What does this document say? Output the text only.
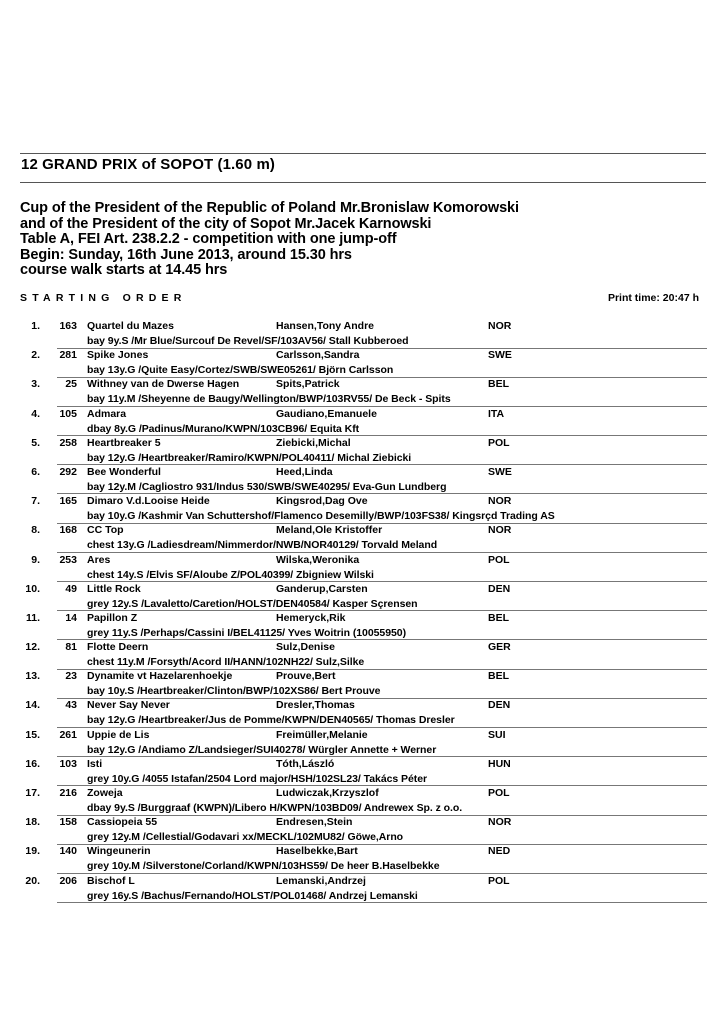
12 GRAND PRIX of SOPOT (1.60 m)
Cup of the President of the Republic of Poland Mr.Bronislaw Komorowski
and of the President of the city of Sopot Mr.Jacek Karnowski
Table A, FEI Art. 238.2.2 - competition with one jump-off
Begin: Sunday, 16th June 2013, around 15.30 hrs
course walk starts at 14.45 hrs
STARTING ORDER	Print time: 20:47 h
1.	163 Quartel du Mazes	Hansen,Tony Andre	NOR
bay 9y.S /Mr Blue/Surcouf De Revel/SF/103AV56/ Stall Kubberoed
2.	281 Spike Jones	Carlsson,Sandra	SWE
bay 13y.G /Quite Easy/Cortez/SWB/SWE05261/ Björn Carlsson
3.	25 Withney van de Dwerse Hagen	Spits,Patrick	BEL
bay 11y.M /Sheyenne de Baugy/Wellington/BWP/103RV55/ De Beck - Spits
4.	105 Admara	Gaudiano,Emanuele	ITA
dbay 8y.G /Padinus/Murano/KWPN/103CB96/ Equita Kft
5.	258 Heartbreaker 5	Ziebicki,Michal	POL
bay 12y.G /Heartbreaker/Ramiro/KWPN/POL40411/ Michal Ziebicki
6.	292 Bee Wonderful	Heed,Linda	SWE
bay 12y.M /Cagliostro 931/Indus 530/SWB/SWE40295/ Eva-Gun Lundberg
7.	165 Dimaro V.d.Looise Heide	Kingsrod,Dag Ove	NOR
bay 10y.G /Kashmir Van Schuttershof/Flamenco Desemilly/BWP/103FS38/ Kingsrçd Trading AS
8.	168 CC Top	Meland,Ole Kristoffer	NOR
chest 13y.G /Ladiesdream/Nimmerdor/NWB/NOR40129/ Torvald Meland
9.	253 Ares	Wilska,Weronika	POL
chest 14y.S /Elvis SF/Aloube Z/POL40399/ Zbigniew Wilski
10.	49 Little Rock	Ganderup,Carsten	DEN
grey 12y.S /Lavaletto/Caretion/HOLST/DEN40584/ Kasper Sçrensen
11.	14 Papillon Z	Hemeryck,Rik	BEL
grey 11y.S /Perhaps/Cassini I/BEL41125/ Yves Woitrin (10055950)
12.	81 Flotte Deern	Sulz,Denise	GER
chest 11y.M /Forsyth/Acord II/HANN/102NH22/ Sulz,Silke
13.	23 Dynamite vt Hazelarenhoekje	Prouve,Bert	BEL
bay 10y.S /Heartbreaker/Clinton/BWP/102XS86/ Bert Prouve
14.	43 Never Say Never	Dresler,Thomas	DEN
bay 12y.G /Heartbreaker/Jus de Pomme/KWPN/DEN40565/ Thomas Dresler
15.	261 Uppie de Lis	Freimüller,Melanie	SUI
bay 12y.G /Andiamo Z/Landsieger/SUI40278/ Würgler Annette + Werner
16.	103 Isti	Tóth,László	HUN
grey 10y.G /4055 Istafan/2504 Lord major/HSH/102SL23/ Takács Péter
17.	216 Zoweja	Ludwiczak,Krzyszlof	POL
dbay 9y.S /Burggraaf (KWPN)/Libero H/KWPN/103BD09/ Andrewex Sp. z o.o.
18.	158 Cassiopeia 55	Endresen,Stein	NOR
grey 12y.M /Cellestial/Godavari xx/MECKL/102MU82/ Göwe,Arno
19.	140 Wingeunerin	Haselbekke,Bart	NED
grey 10y.M /Silverstone/Corland/KWPN/103HS59/ De heer B.Haselbekke
20.	206 Bischof L	Lemanski,Andrzej	POL
grey 16y.S /Bachus/Fernando/HOLST/POL01468/ Andrzej Lemanski
